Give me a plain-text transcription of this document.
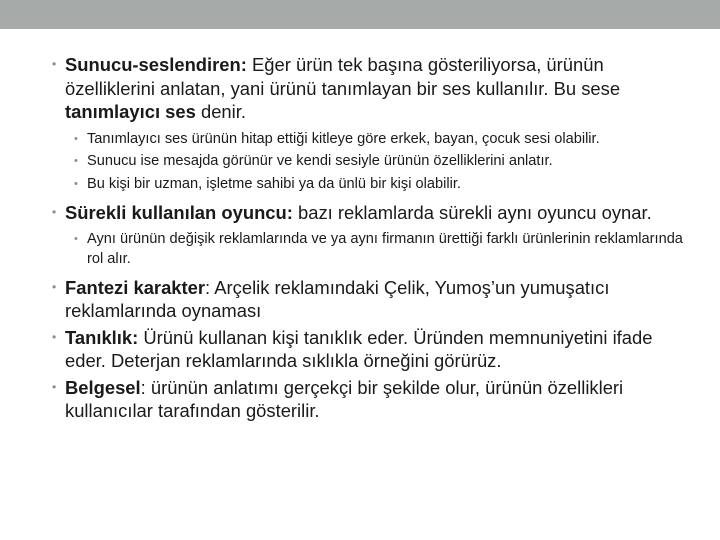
• Sunucu-seslendiren: Eğer ürün tek başına gösteriliyorsa, ürünün özelliklerini anlatan, yani ürünü tanımlayan bir ses kullanılır. Bu sese tanımlayıcı ses denir.
• Tanımlayıcı ses ürünün hitap ettiği kitleye göre erkek, bayan, çocuk sesi olabilir.
• Sunucu ise mesajda görünür ve kendi sesiyle ürünün özelliklerini anlatır.
• Bu kişi bir uzman, işletme sahibi ya da ünlü bir kişi olabilir.
• Sürekli kullanılan oyuncu: bazı reklamlarda sürekli aynı oyuncu oynar.
• Aynı ürünün değişik reklamlarında ve ya aynı firmanın ürettiği farklı ürünlerinin reklamlarında rol alır.
• Fantezi karakter: Arçelik reklamındaki Çelik, Yumoş’un yumuşatıcı reklamlarında oynaması
• Tanıklık: Ürünü kullanan kişi tanıklık eder. Üründen memnuniyetini ifade eder. Deterjan reklamlarında sıklıkla örneğini görürüz.
• Belgesel: ürünün anlatımı gerçekçi bir şekilde olur, ürünün özellikleri kullanıcılar tarafından gösterilir.
